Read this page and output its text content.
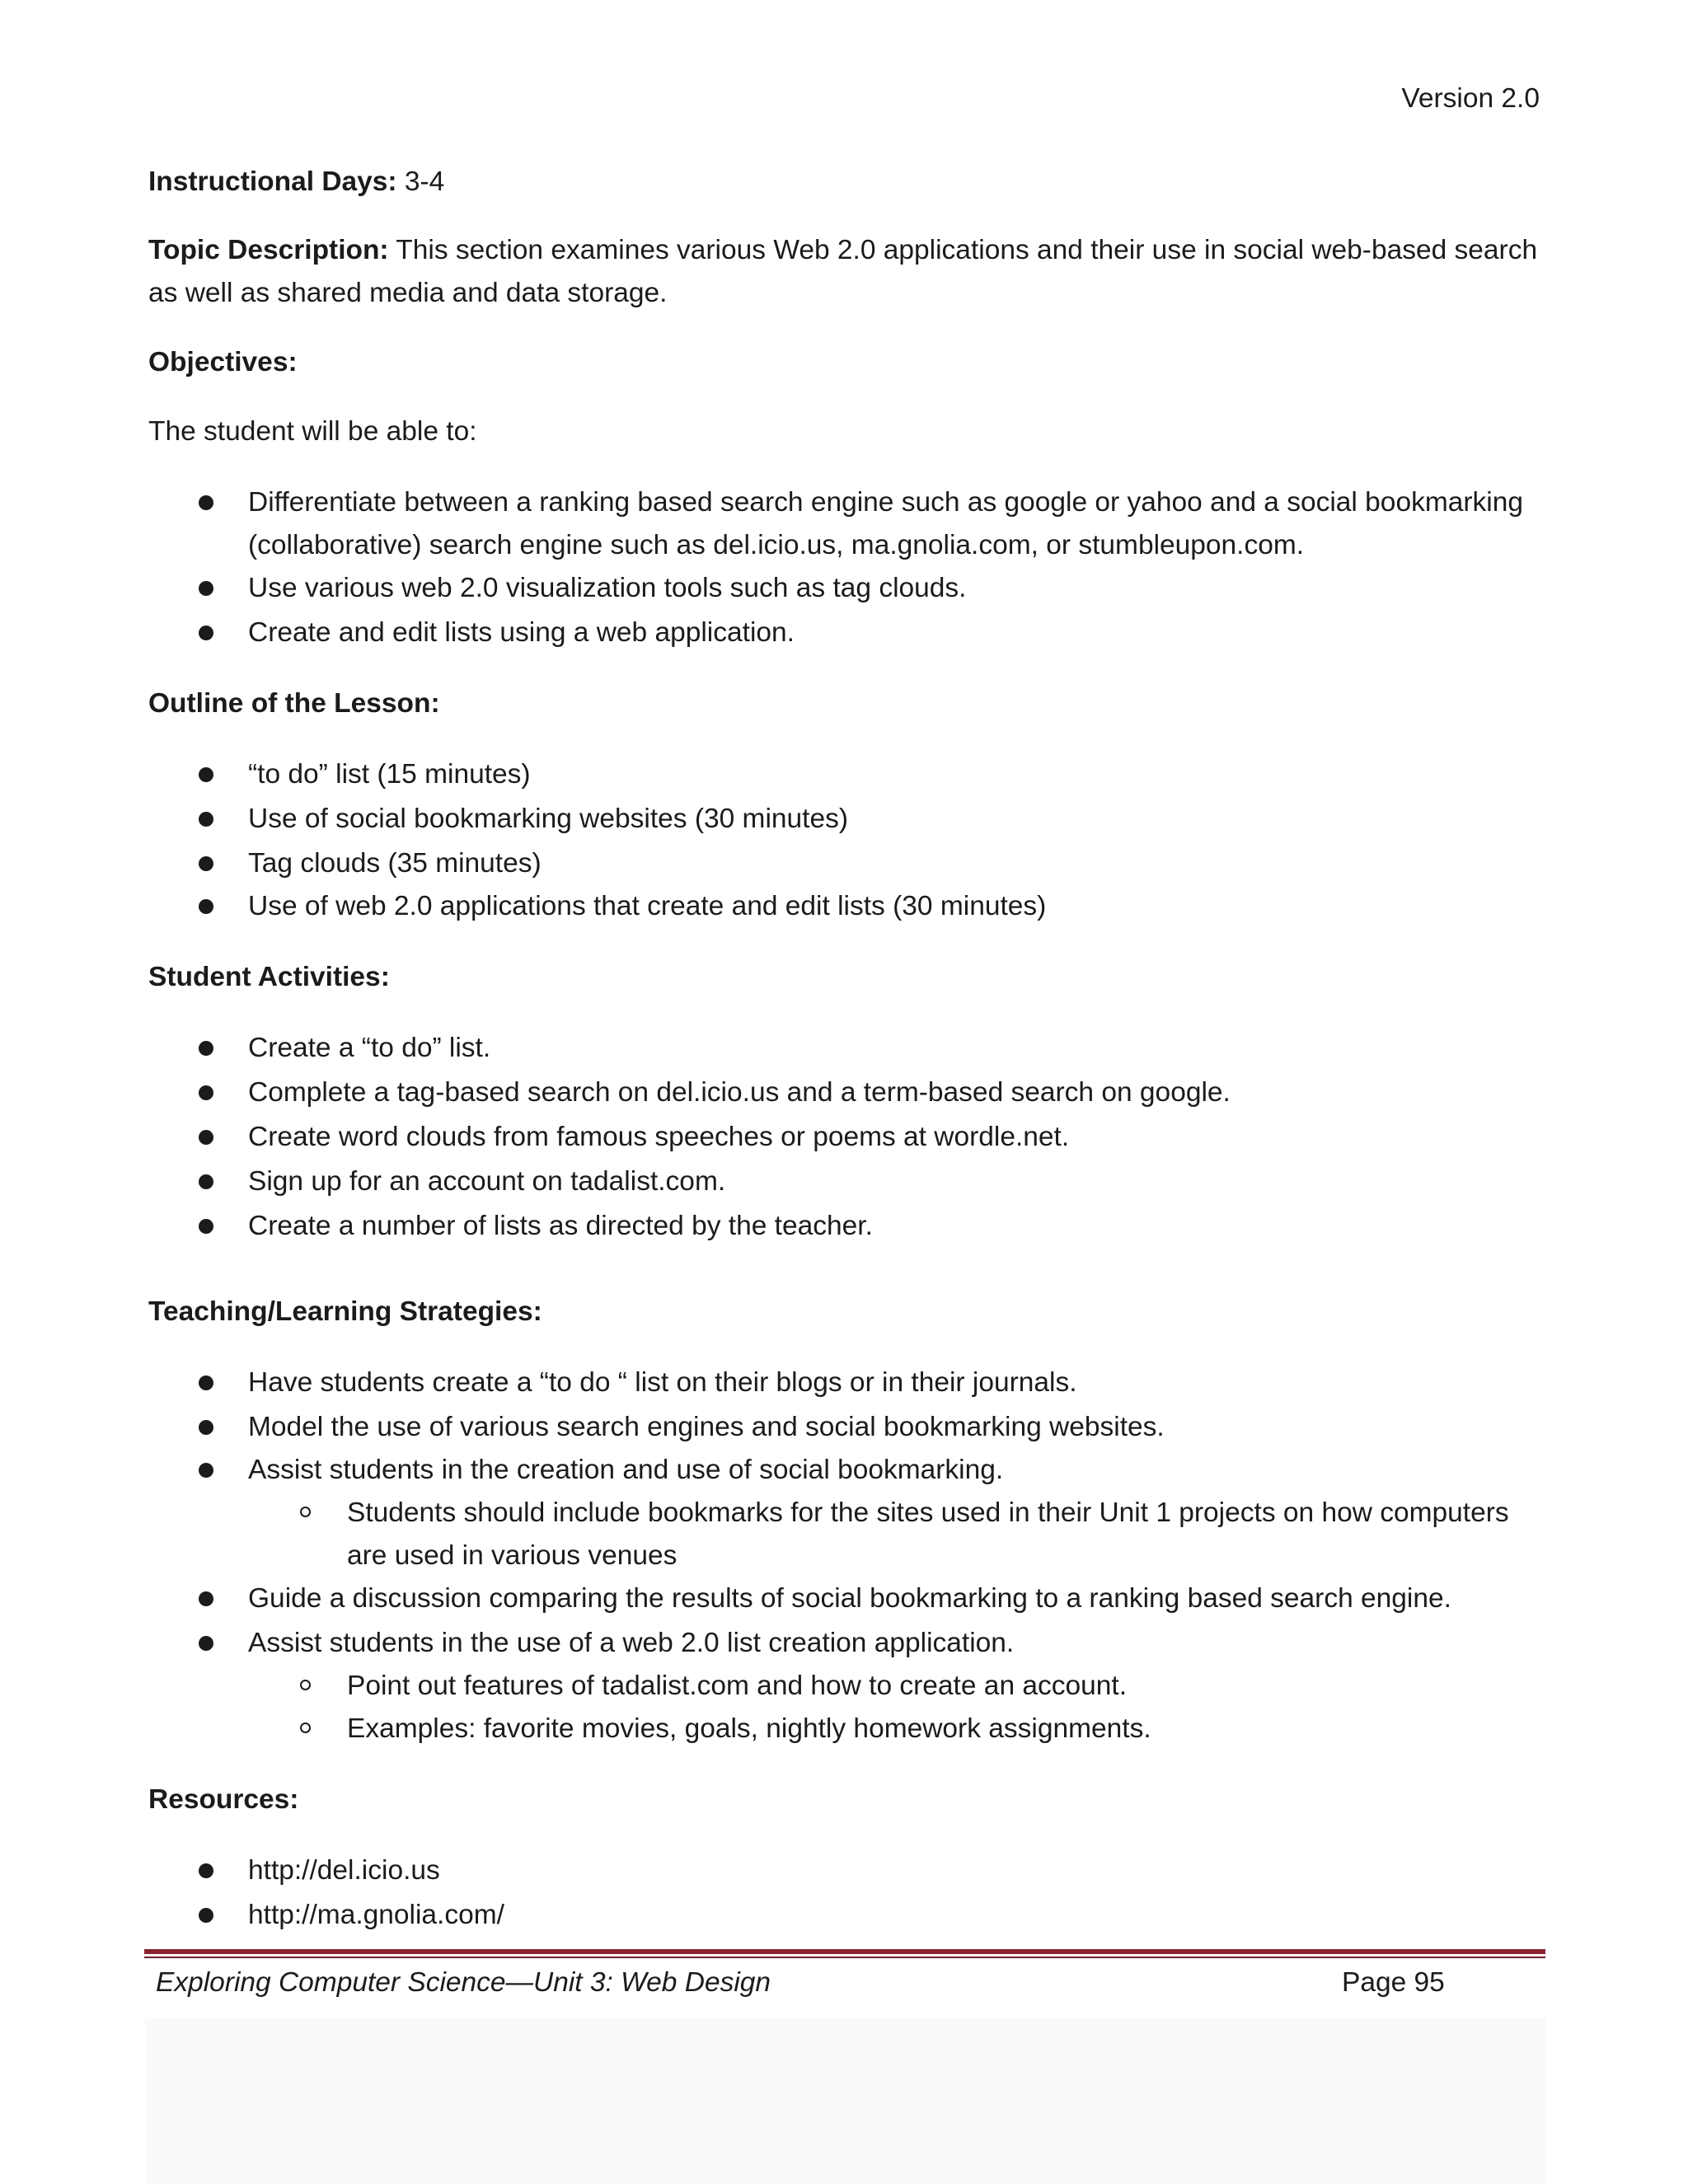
Version 2.0
Instructional Days: 3-4
Topic Description: This section examines various Web 2.0 applications and their use in social web-based search
as well as shared media and data storage.
Objectives:
The student will be able to:
Differentiate between a ranking based search engine such as google or yahoo and a social bookmarking (collaborative) search engine such as del.icio.us, ma.gnolia.com, or stumbleupon.com.
Use various web 2.0 visualization tools such as tag clouds.
Create and edit lists using a web application.
Outline of the Lesson:
“to do” list (15 minutes)
Use of social bookmarking websites (30 minutes)
Tag clouds (35 minutes)
Use of web 2.0 applications that create and edit lists (30 minutes)
Student Activities:
Create a “to do” list.
Complete a tag-based search on del.icio.us and a term-based search on google.
Create word clouds from famous speeches or poems at wordle.net.
Sign up for an account on tadalist.com.
Create a number of lists as directed by the teacher.
Teaching/Learning Strategies:
Have students create a “to do “ list on their blogs or in their journals.
Model the use of various search engines and social bookmarking websites.
Assist students in the creation and use of social bookmarking.
Students should include bookmarks for the sites used in their Unit 1 projects on how computers are used in various venues
Guide a discussion comparing the results of social bookmarking to a ranking based search engine.
Assist students in the use of a web 2.0 list creation application.
Point out features of tadalist.com and how to create an account.
Examples: favorite movies, goals, nightly homework assignments.
Resources:
http://del.icio.us
http://ma.gnolia.com/
Exploring Computer Science—Unit 3: Web Design	Page 95
